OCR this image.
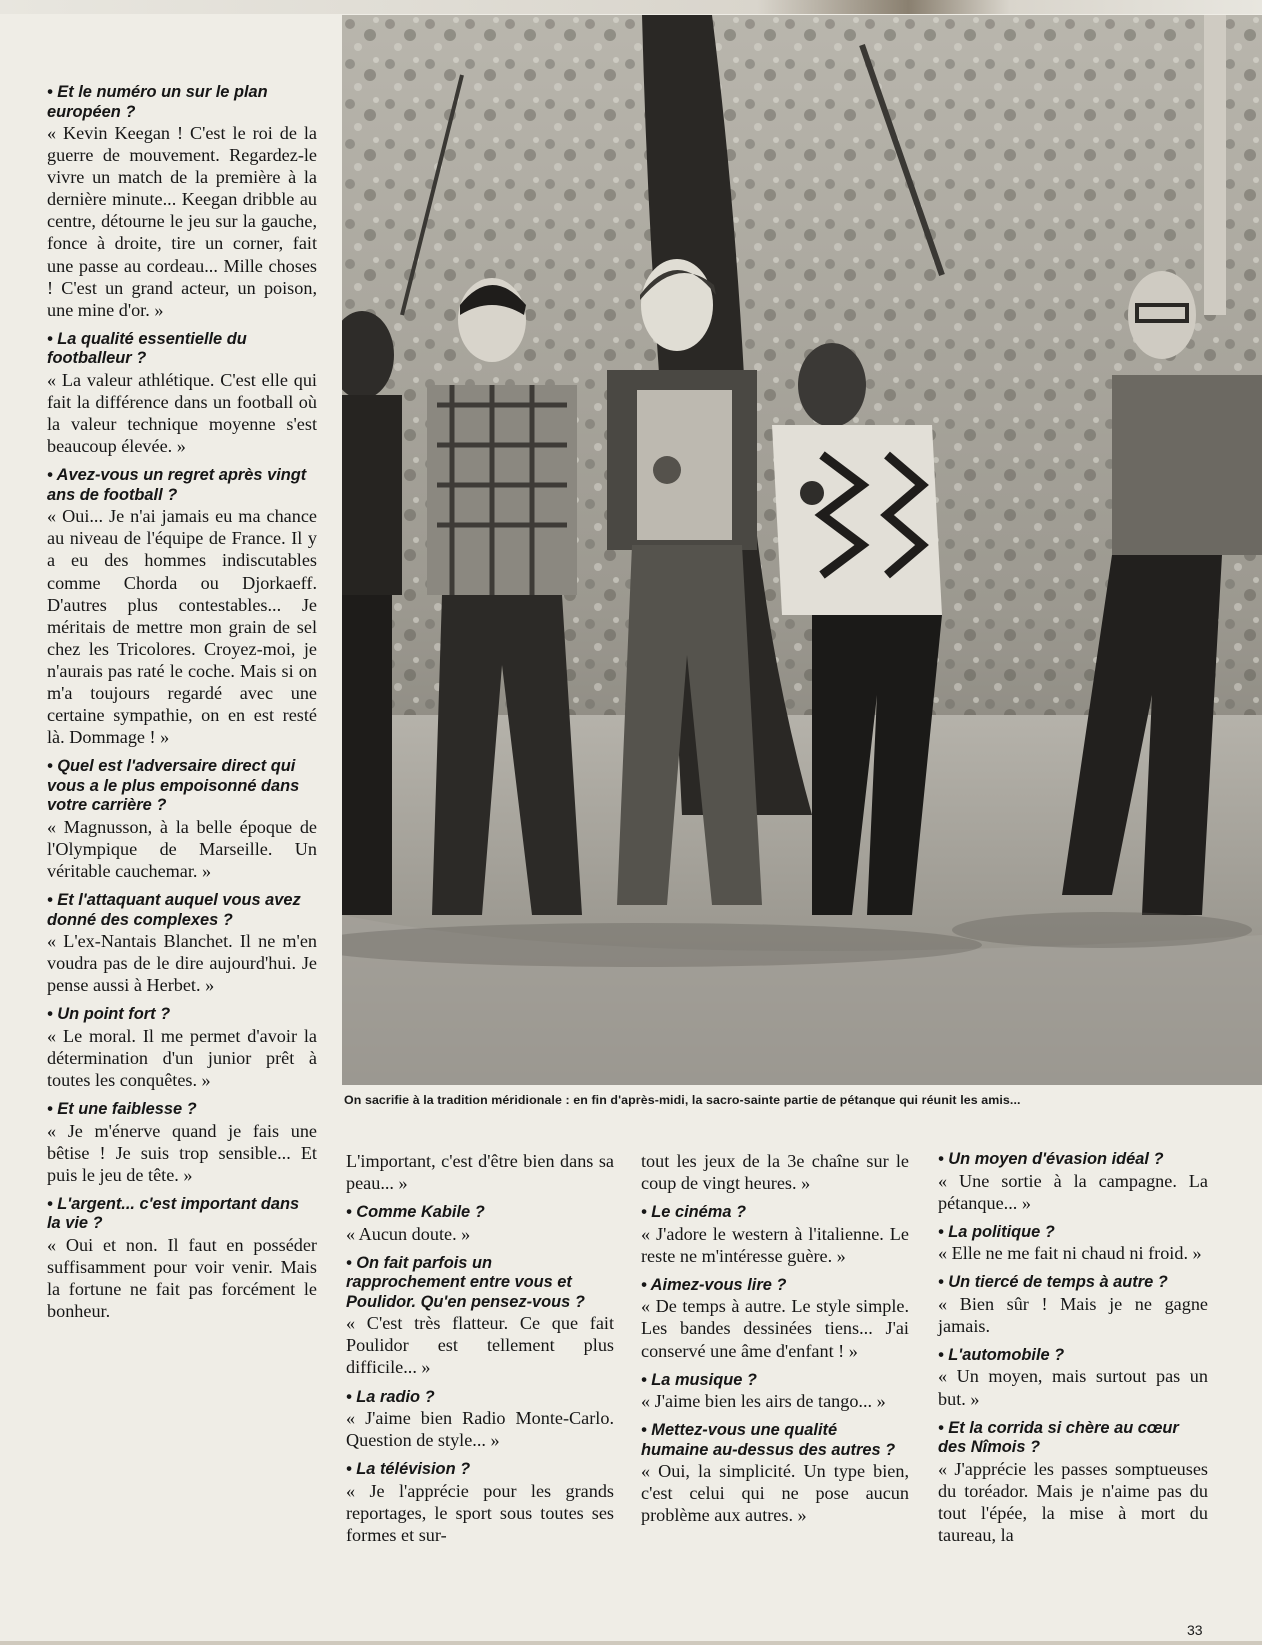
On sacrifie à la tradition méridionale : en fin d'après-midi, la sacro-sainte partie de pétanque qui réunit les amis...
• Et le numéro un sur le plan européen ?

« Kevin Keegan ! C'est le roi de la guerre de mouvement. Regardez-le vivre un match de la première à la dernière minute... Keegan dribble au centre, détourne le jeu sur la gauche, fonce à droite, tire un corner, fait une passe au cordeau... Mille choses ! C'est un grand acteur, un poison, une mine d'or. »

• La qualité essentielle du footballeur ?

« La valeur athlétique. C'est elle qui fait la différence dans un football où la valeur technique moyenne s'est beaucoup élevée. »

• Avez-vous un regret après vingt ans de football ?

« Oui... Je n'ai jamais eu ma chance au niveau de l'équipe de France. Il y a eu des hommes indiscutables comme Chorda ou Djorkaeff. D'autres plus contestables... Je méritais de mettre mon grain de sel chez les Tricolores. Croyez-moi, je n'aurais pas raté le coche. Mais si on m'a toujours regardé avec une certaine sympathie, on en est resté là. Dommage ! »

• Quel est l'adversaire direct qui vous a le plus empoisonné dans votre carrière ?

« Magnusson, à la belle époque de l'Olympique de Marseille. Un véritable cauchemar. »

• Et l'attaquant auquel vous avez donné des complexes ?

« L'ex-Nantais Blanchet. Il ne m'en voudra pas de le dire aujourd'hui. Je pense aussi à Herbet. »

• Un point fort ?

« Le moral. Il me permet d'avoir la détermination d'un junior prêt à toutes les conquêtes. »

• Et une faiblesse ?

« Je m'énerve quand je fais une bêtise ! Je suis trop sensible... Et puis le jeu de tête. »

• L'argent... c'est important dans la vie ?

« Oui et non. Il faut en posséder suffisamment pour voir venir. Mais la fortune ne fait pas forcément le bonheur.

L'important, c'est d'être bien dans sa peau... »

• Comme Kabile ?

« Aucun doute. »

• On fait parfois un rapprochement entre vous et Poulidor. Qu'en pensez-vous ?

« C'est très flatteur. Ce que fait Poulidor est tellement plus difficile... »

• La radio ?

« J'aime bien Radio Monte-Carlo. Question de style... »

• La télévision ?

« Je l'apprécie pour les grands reportages, le sport sous toutes ses formes et sur-

tout les jeux de la 3e chaîne sur le coup de vingt heures. »

• Le cinéma ?

« J'adore le western à l'italienne. Le reste ne m'intéresse guère. »

• Aimez-vous lire ?

« De temps à autre. Le style simple. Les bandes dessinées tiens... J'ai conservé une âme d'enfant ! »

• La musique ?

« J'aime bien les airs de tango... »

• Mettez-vous une qualité humaine au-dessus des autres ?

« Oui, la simplicité. Un type bien, c'est celui qui ne pose aucun problème aux autres. »

• Un moyen d'évasion idéal ?

« Une sortie à la campagne. La pétanque... »

• La politique ?

« Elle ne me fait ni chaud ni froid. »

• Un tiercé de temps à autre ?

« Bien sûr ! Mais je ne gagne jamais.

• L'automobile ?

« Un moyen, mais surtout pas un but. »

• Et la corrida si chère au cœur des Nîmois ?

« J'apprécie les passes somptueuses du toréador. Mais je n'aime pas du tout l'épée, la mise à mort du taureau, la

33
